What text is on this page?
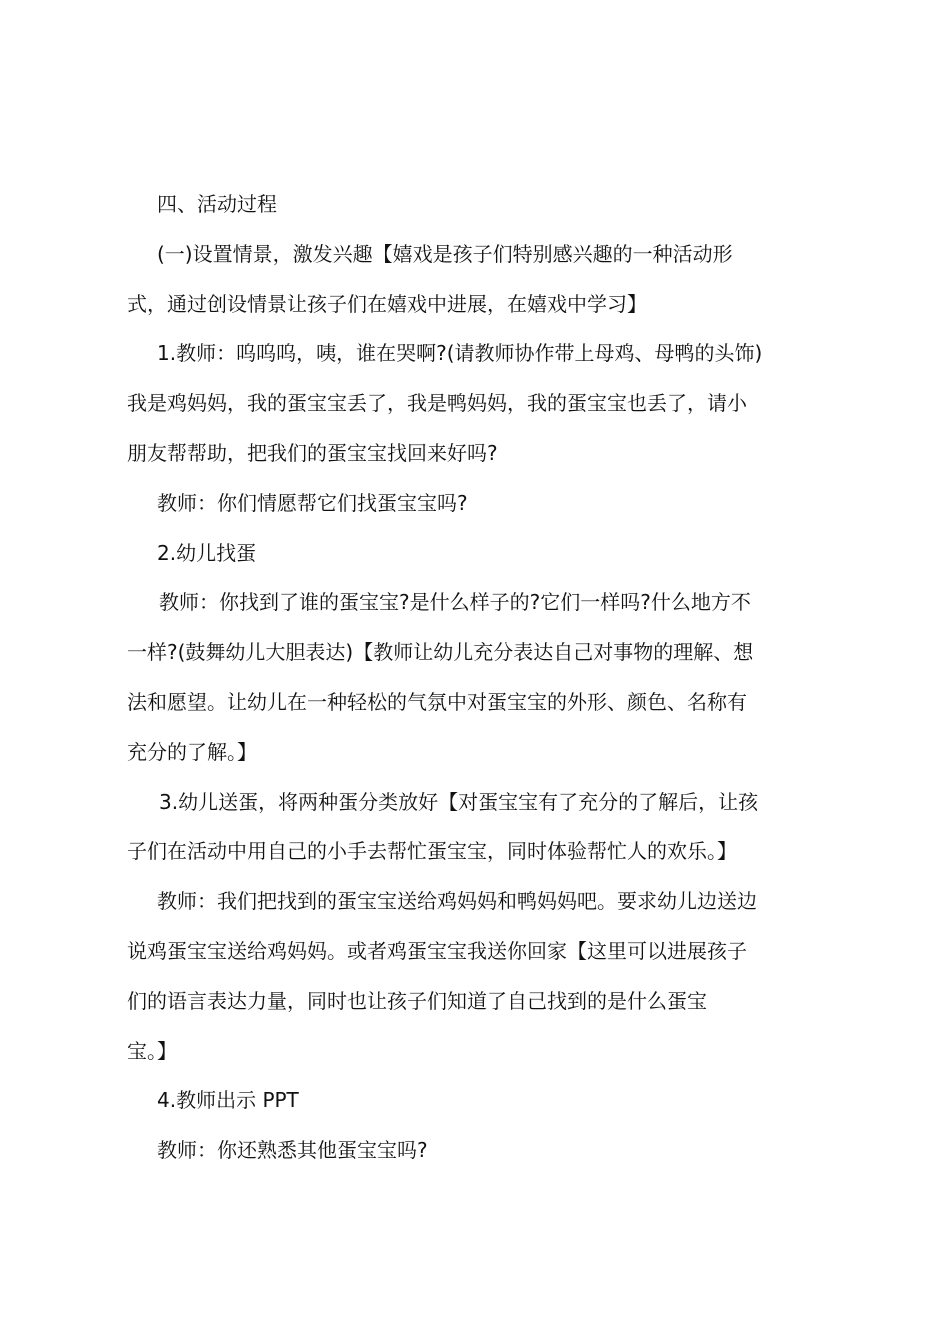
四、活动过程

(一)设置情景，激发兴趣【嬉戏是孩子们特别感兴趣的一种活动形
式，通过创设情景让孩子们在嬉戏中进展，在嬉戏中学习】

1.教师：呜呜呜，咦，谁在哭啊?(请教师协作带上母鸡、母鸭的头饰)
我是鸡妈妈，我的蛋宝宝丢了，我是鸭妈妈，我的蛋宝宝也丢了，请小
朋友帮帮助，把我们的蛋宝宝找回来好吗?

教师：你们情愿帮它们找蛋宝宝吗?

2.幼儿找蛋

教师：你找到了谁的蛋宝宝?是什么样子的?它们一样吗?什么地方不
一样?(鼓舞幼儿大胆表达)【教师让幼儿充分表达自己对事物的理解、想
法和愿望。让幼儿在一种轻松的气氛中对蛋宝宝的外形、颜色、名称有
充分的了解。】

3.幼儿送蛋，将两种蛋分类放好【对蛋宝宝有了充分的了解后，让孩
子们在活动中用自己的小手去帮忙蛋宝宝，同时体验帮忙人的欢乐。】

教师：我们把找到的蛋宝宝送给鸡妈妈和鸭妈妈吧。要求幼儿边送边
说鸡蛋宝宝送给鸡妈妈。或者鸡蛋宝宝我送你回家【这里可以进展孩子
们的语言表达力量，同时也让孩子们知道了自己找到的是什么蛋宝
宝。】

4.教师出示 PPT

教师：你还熟悉其他蛋宝宝吗?
